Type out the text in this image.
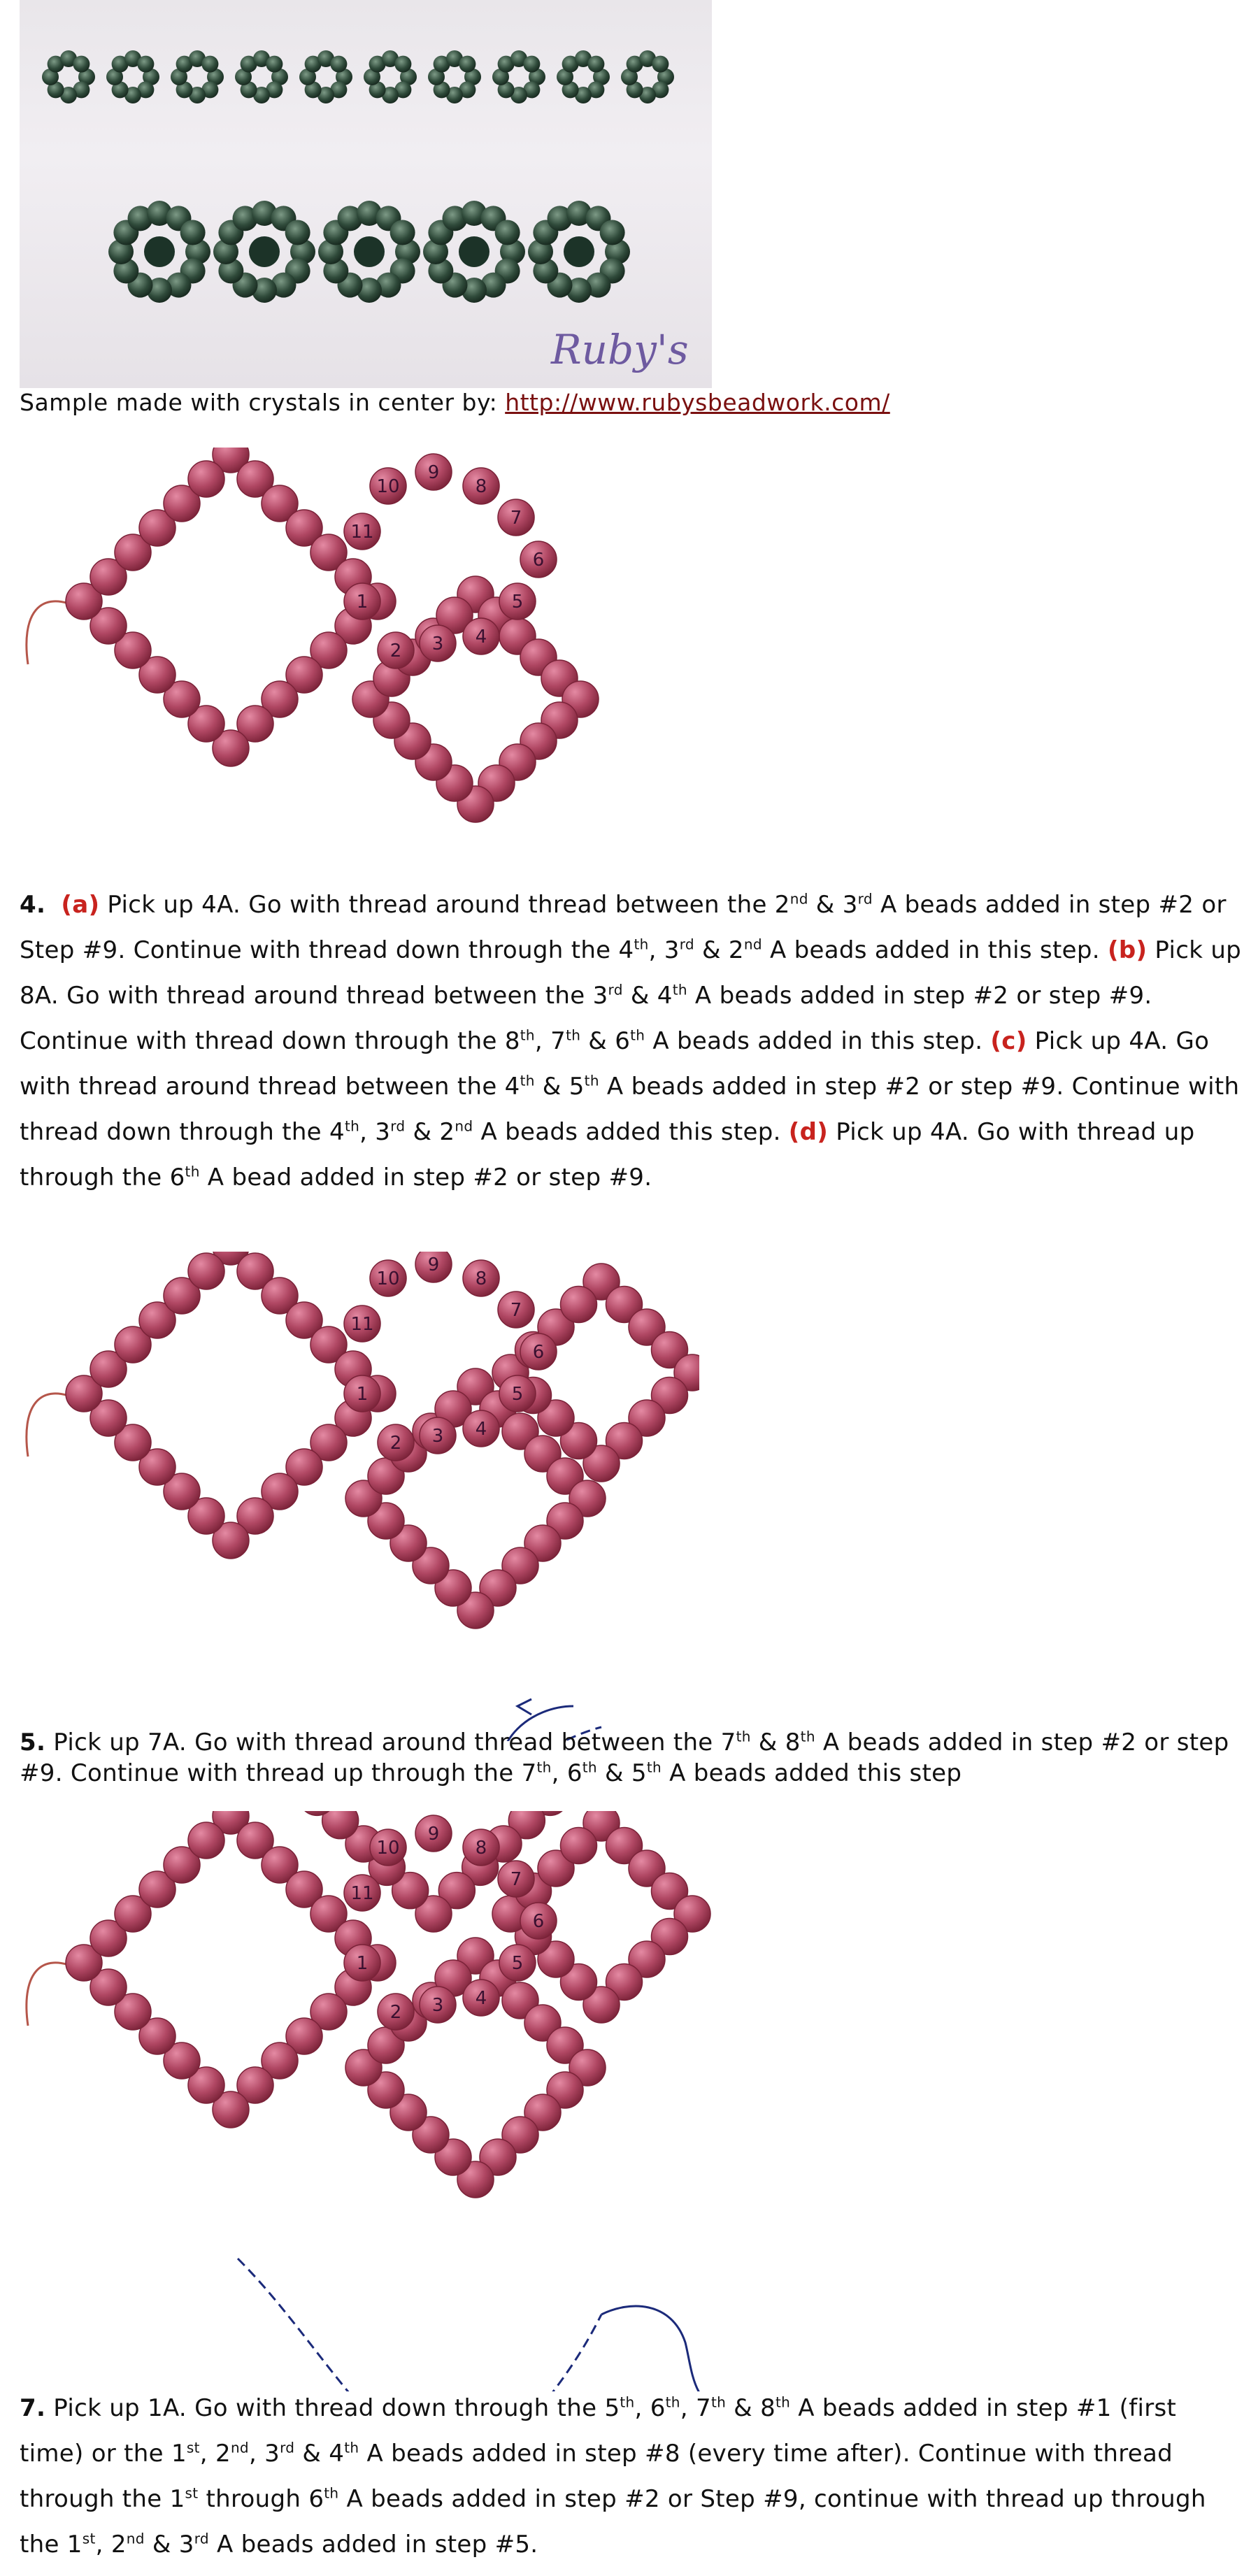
Ruby's
Sample made with crystals in center by: http://www.rubysbeadwork.com/
1
2 3 4
5
6
7
8
9
10
11
4. (a) Pick up 4A. Go with thread around thread between the 2nd & 3rd A beads added in step #2 or Step #9. Continue with thread down through the 4th, 3rd & 2nd A beads added in this step. (b) Pick up 8A. Go with thread around thread between the 3rd & 4th A beads added in step #2 or step #9. Continue with thread down through the 8th, 7th & 6th A beads added in this step. (c) Pick up 4A. Go with thread around thread between the 4th & 5th A beads added in step #2 or step #9. Continue with thread down through the 4th, 3rd & 2nd A beads added this step. (d) Pick up 4A. Go with thread up through the 6th A bead added in step #2 or step #9.
1
2 3 4
5
6
7
8
9
10
11
5. Pick up 7A. Go with thread around thread between the 7th & 8th A beads added in step #2 or step #9. Continue with thread up through the 7th, 6th & 5th A beads added this step
1
2 3 4
5
6
7
8
9
10
11
7. Pick up 1A. Go with thread down through the 5th, 6th, 7th & 8th A beads added in step #1 (first time) or the 1st, 2nd, 3rd & 4th A beads added in step #8 (every time after). Continue with thread through the 1st through 6th A beads added in step #2 or Step #9, continue with thread up through the 1st, 2nd & 3rd A beads added in step #5.
